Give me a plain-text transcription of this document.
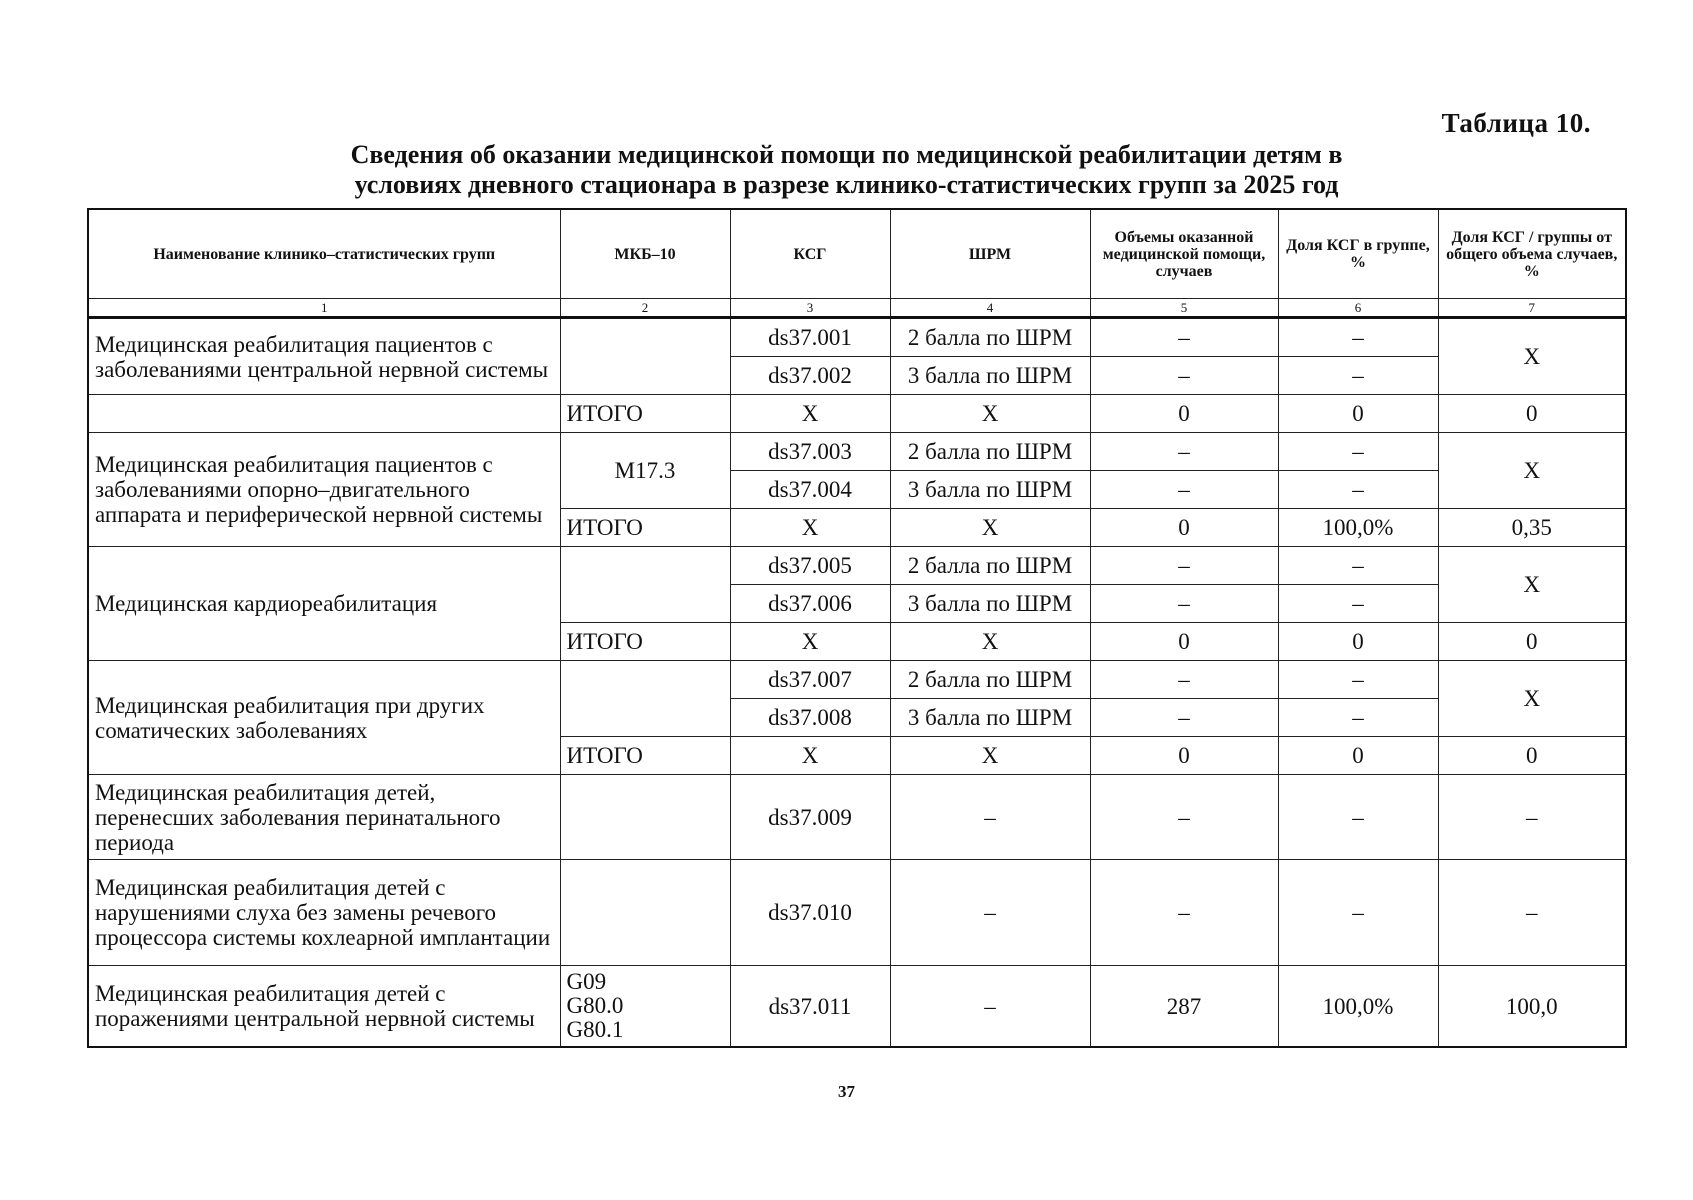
Таблица 10.
Сведения об оказании медицинской помощи по медицинской реабилитации детям в
условиях дневного стационара в разрезе клинико-статистических групп за 2025 год
Наименование клинико–статистических групп	МКБ–10	КСГ	ШРМ	Объемы оказанной медицинской помощи, случаев	Доля КСГ в группе, %	Доля КСГ / группы от общего объема случаев, %
1	2	3	4	5	6	7
Медицинская реабилитация пациентов с заболеваниями центральной нервной системы		ds37.001	2 балла по ШРМ	–	–	X
		ds37.002	3 балла по ШРМ	–	–	
	ИТОГО	X	X	0	0	0
Медицинская реабилитация пациентов с заболеваниями опорно–двигательного аппарата и периферической нервной системы	M17.3	ds37.003	2 балла по ШРМ	–	–	X
		ds37.004	3 балла по ШРМ	–	–	
	ИТОГО	X	X	0	100,0%	0,35
Медицинская кардиореабилитация		ds37.005	2 балла по ШРМ	–	–	X
		ds37.006	3 балла по ШРМ	–	–	
	ИТОГО	X	X	0	0	0
Медицинская реабилитация при других соматических заболеваниях		ds37.007	2 балла по ШРМ	–	–	X
		ds37.008	3 балла по ШРМ	–	–	
	ИТОГО	X	X	0	0	0
Медицинская реабилитация детей, перенесших заболевания перинатального периода		ds37.009	–	–	–	–
Медицинская реабилитация детей с нарушениями слуха без замены речевого процессора системы кохлеарной имплантации		ds37.010	–	–	–	–
Медицинская реабилитация детей с поражениями центральной нервной системы	G09
G80.0
G80.1	ds37.011	–	287	100,0%	100,0
37
